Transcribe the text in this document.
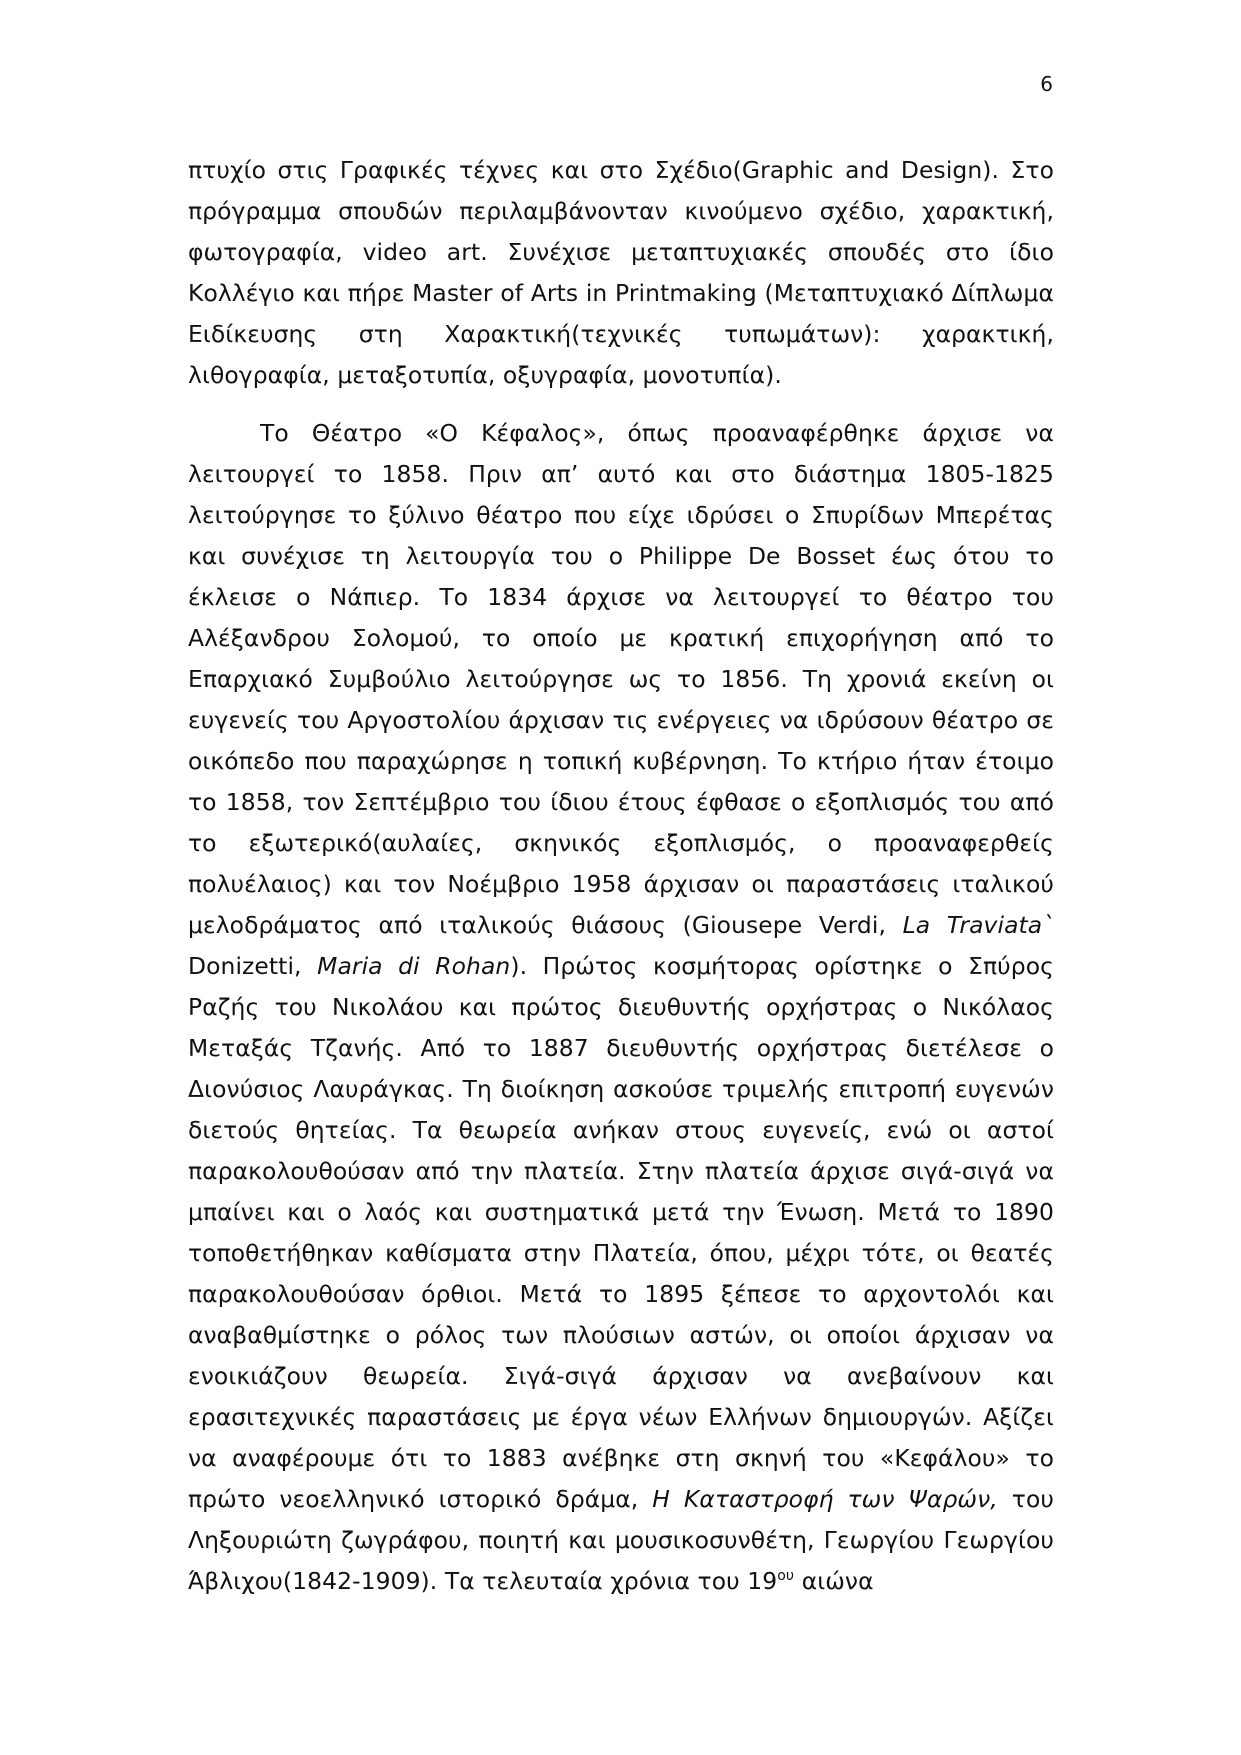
6

πτυχίο στις Γραφικές τέχνες και στο Σχέδιο(Graphic and Design). Στο πρόγραμμα σπουδών περιλαμβάνονταν κινούμενο σχέδιο, χαρακτική, φωτογραφία, video art. Συνέχισε μεταπτυχιακές σπουδές στο ίδιο Κολλέγιο και πήρε Master of Arts in Printmaking (Μεταπτυχιακό Δίπλωμα Ειδίκευσης στη Χαρακτική(τεχνικές τυπωμάτων): χαρακτική, λιθογραφία, μεταξοτυπία, οξυγραφία, μονοτυπία).

Το Θέατρο «Ο Κέφαλος», όπως προαναφέρθηκε άρχισε να λειτουργεί το 1858. Πριν απ’ αυτό και στο διάστημα 1805-1825 λειτούργησε το ξύλινο θέατρο που είχε ιδρύσει ο Σπυρίδων Μπερέτας και συνέχισε τη λειτουργία του ο Philippe De Bosset έως ότου το έκλεισε ο Νάπιερ. Το 1834 άρχισε να λειτουργεί το θέατρο του Αλέξανδρου Σολομού, το οποίο με κρατική επιχορήγηση από το Επαρχιακό Συμβούλιο λειτούργησε ως το 1856. Τη χρονιά εκείνη οι ευγενείς του Αργοστολίου άρχισαν τις ενέργειες να ιδρύσουν θέατρο σε οικόπεδο που παραχώρησε η τοπική κυβέρνηση. Το κτήριο ήταν έτοιμο το 1858, τον Σεπτέμβριο του ίδιου έτους έφθασε ο εξοπλισμός του από το εξωτερικό(αυλαίες, σκηνικός εξοπλισμός, ο προαναφερθείς πολυέλαιος) και τον Νοέμβριο 1958 άρχισαν οι παραστάσεις ιταλικού μελοδράματος από ιταλικούς θιάσους (Giousepe Verdi, La Traviata` Donizetti, Maria di Rohan). Πρώτος κοσμήτορας ορίστηκε ο Σπύρος Ραζής του Νικολάου και πρώτος διευθυντής ορχήστρας ο Νικόλαος Μεταξάς Τζανής. Από το 1887 διευθυντής ορχήστρας διετέλεσε ο Διονύσιος Λαυράγκας. Τη διοίκηση ασκούσε τριμελής επιτροπή ευγενών διετούς θητείας. Τα θεωρεία ανήκαν στους ευγενείς, ενώ οι αστοί παρακολουθούσαν από την πλατεία. Στην πλατεία άρχισε σιγά-σιγά να μπαίνει και ο λαός και συστηματικά μετά την Ένωση. Μετά το 1890 τοποθετήθηκαν καθίσματα στην Πλατεία, όπου, μέχρι τότε, οι θεατές παρακολουθούσαν όρθιοι. Μετά το 1895 ξέπεσε το αρχοντολόι και αναβαθμίστηκε ο ρόλος των πλούσιων αστών, οι οποίοι άρχισαν να ενοικιάζουν θεωρεία. Σιγά-σιγά άρχισαν να ανεβαίνουν και ερασιτεχνικές παραστάσεις με έργα νέων Ελλήνων δημιουργών. Αξίζει να αναφέρουμε ότι το 1883 ανέβηκε στη σκηνή του «Κεφάλου» το πρώτο νεοελληνικό ιστορικό δράμα, Η Καταστροφή των Ψαρών, του Ληξουριώτη ζωγράφου, ποιητή και μουσικοσυνθέτη, Γεωργίου Γεωργίου Άβλιχου(1842-1909). Τα τελευταία χρόνια του $19^{o\upsilon}$ αιώνα
